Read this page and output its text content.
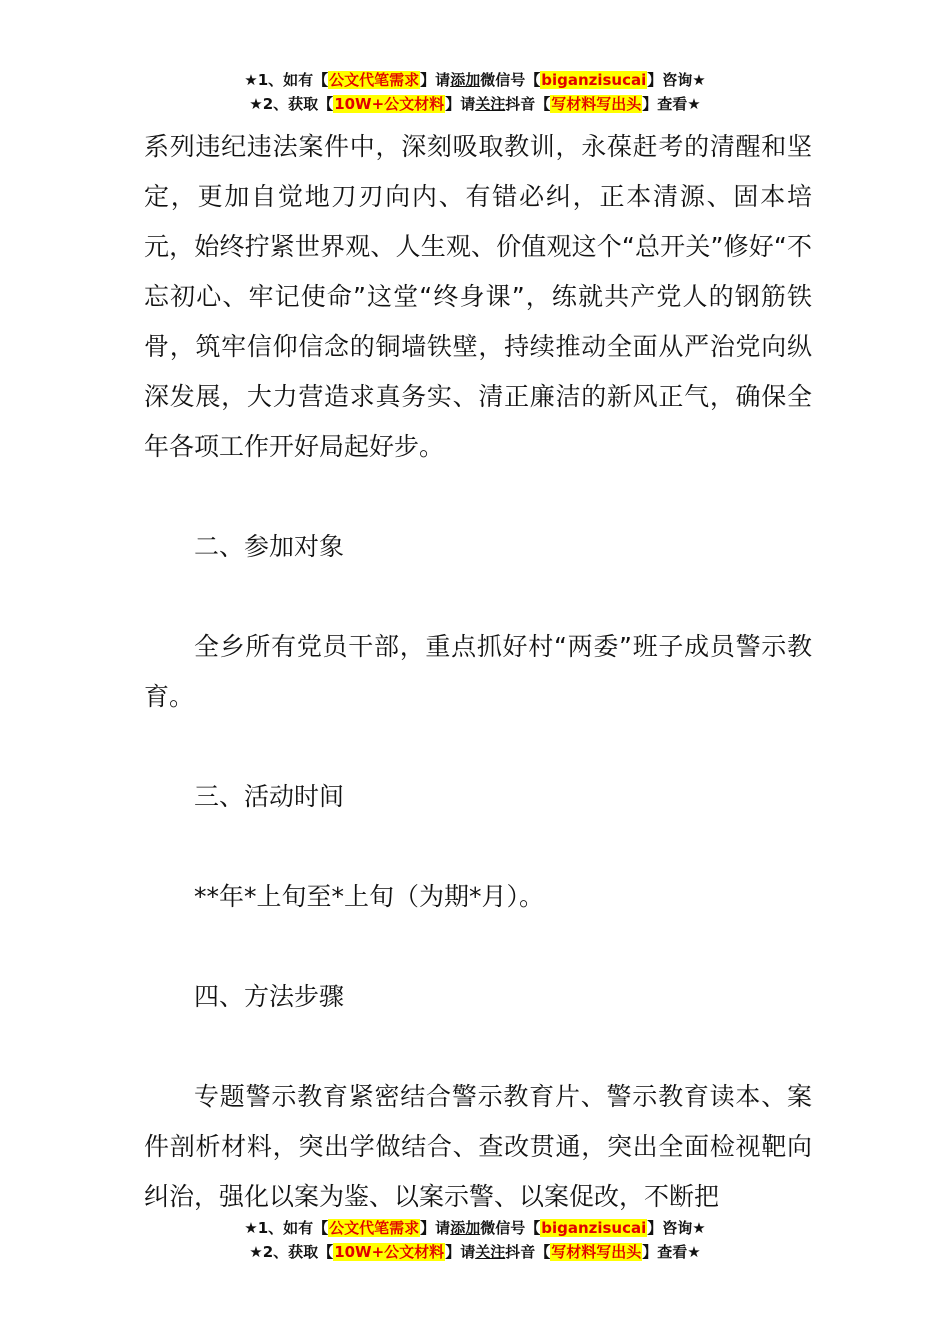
★1、如有【公文代笔需求】请添加微信号【biganzisucai】咨询★
★2、获取【10W+公文材料】请关注抖音【写材料写出头】查看★

系列违纪违法案件中，深刻吸取教训，永葆赶考的清醒和坚定，更加自觉地刀刃向内、有错必纠，正本清源、固本培元，始终拧紧世界观、人生观、价值观这个“总开关”修好“不忘初心、牢记使命”这堂“终身课”，练就共产党人的钢筋铁骨，筑牢信仰信念的铜墙铁壁，持续推动全面从严治党向纵深发展，大力营造求真务实、清正廉洁的新风正气，确保全年各项工作开好局起好步。

二、参加对象

全乡所有党员干部，重点抓好村“两委”班子成员警示教育。

三、活动时间

**年*上旬至*上旬（为期*月）。

四、方法步骤

专题警示教育紧密结合警示教育片、警示教育读本、案件剖析材料，突出学做结合、查改贯通，突出全面检视靶向纠治，强化以案为鉴、以案示警、以案促改，不断把

★1、如有【公文代笔需求】请添加微信号【biganzisucai】咨询★
★2、获取【10W+公文材料】请关注抖音【写材料写出头】查看★
